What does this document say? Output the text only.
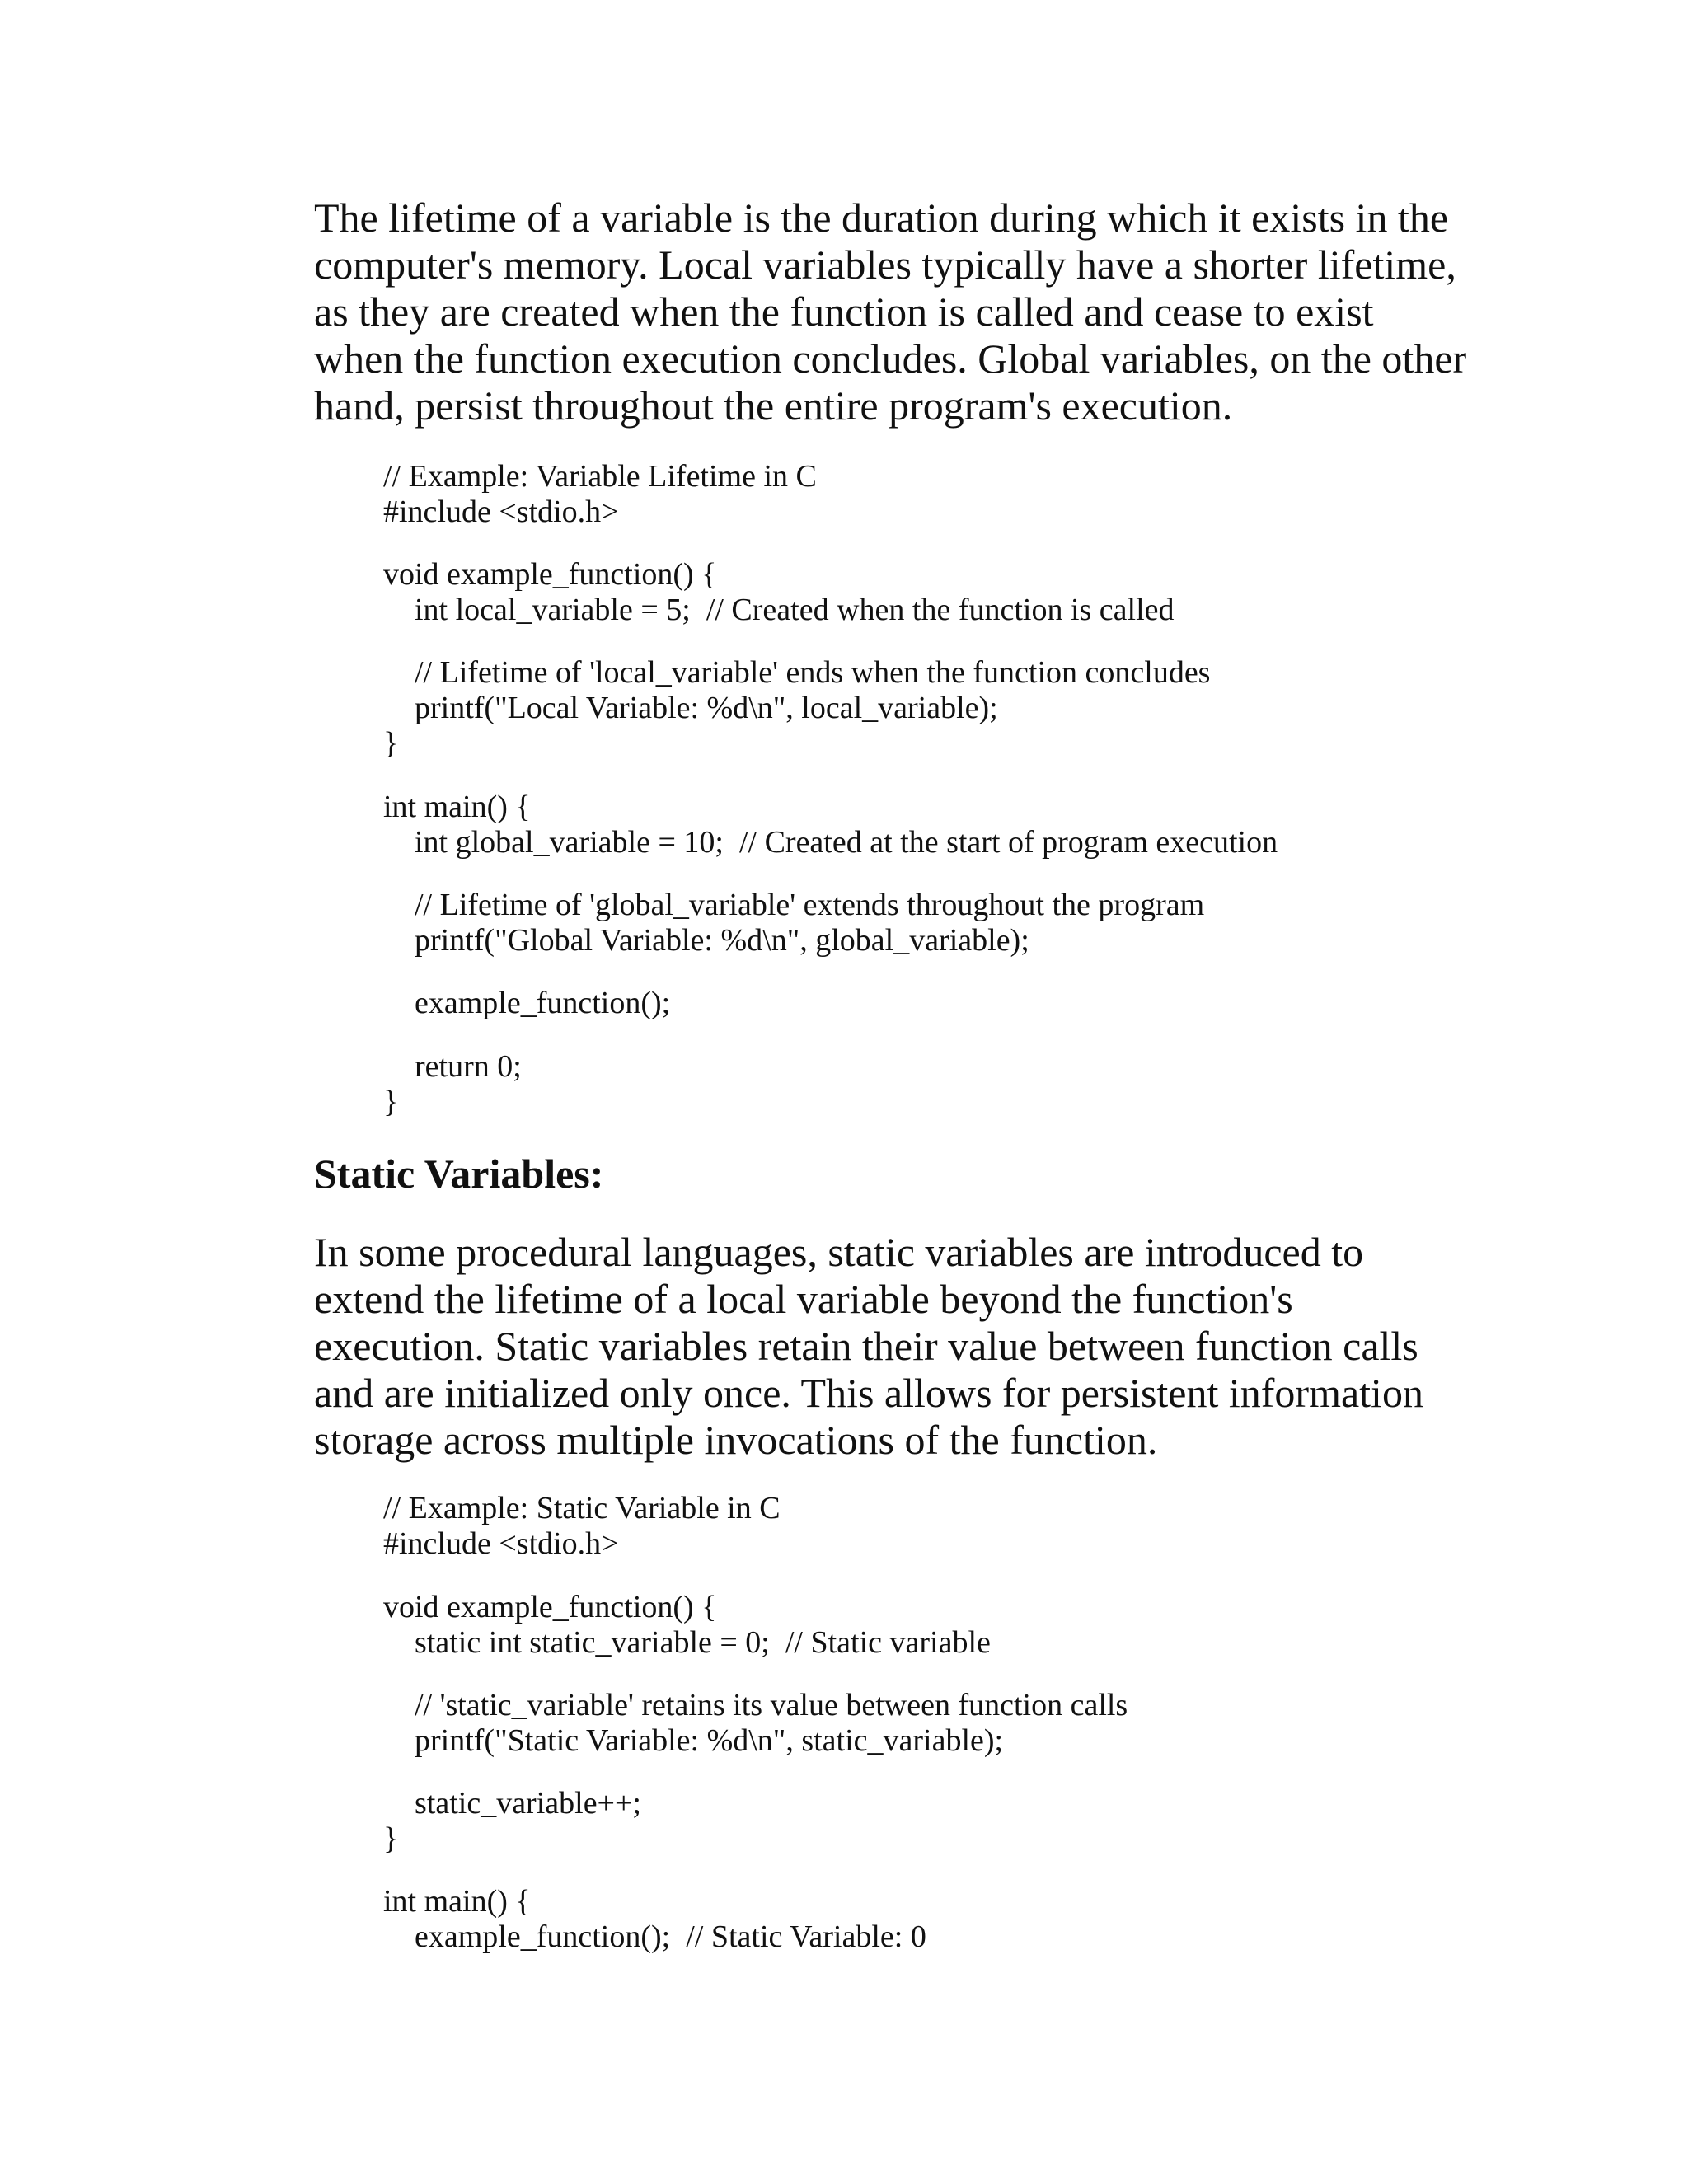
The lifetime of a variable is the duration during which it exists in the
computer's memory. Local variables typically have a shorter lifetime,
as they are created when the function is called and cease to exist
when the function execution concludes. Global variables, on the other
hand, persist throughout the entire program's execution.
// Example: Variable Lifetime in C
#include <stdio.h>
void example_function() {
int local_variable = 5;  // Created when the function is called
// Lifetime of 'local_variable' ends when the function concludes
printf("Local Variable: %d\n", local_variable);
}
int main() {
int global_variable = 10;  // Created at the start of program execution
// Lifetime of 'global_variable' extends throughout the program
printf("Global Variable: %d\n", global_variable);
example_function();
return 0;
}
Static Variables:
In some procedural languages, static variables are introduced to
extend the lifetime of a local variable beyond the function's
execution. Static variables retain their value between function calls
and are initialized only once. This allows for persistent information
storage across multiple invocations of the function.
// Example: Static Variable in C
#include <stdio.h>
void example_function() {
static int static_variable = 0;  // Static variable
// 'static_variable' retains its value between function calls
printf("Static Variable: %d\n", static_variable);
static_variable++;
}
int main() {
example_function();  // Static Variable: 0
